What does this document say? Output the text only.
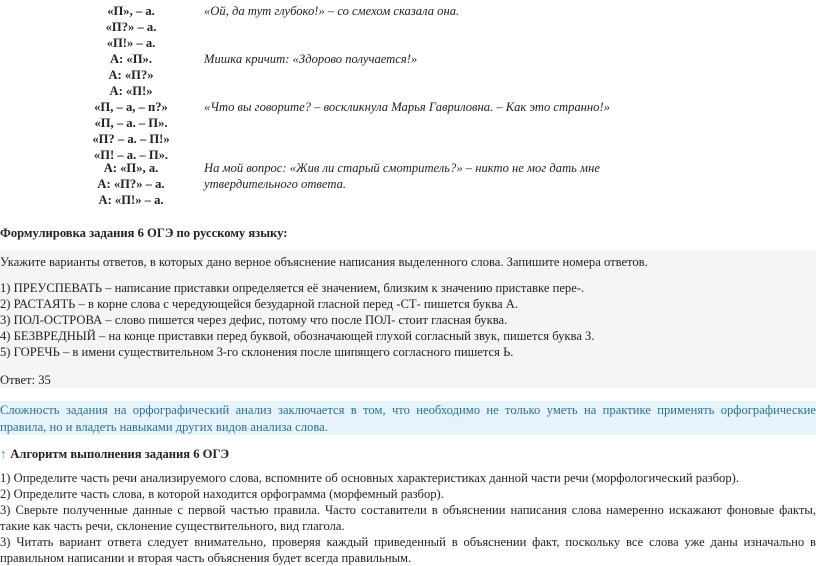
«П», – а.
«П?» – а.
«П!» – а.
«Ой, да тут глубоко!» – со смехом сказала она.
А: «П».
А: «П?»
А: «П!»
Мишка кричит: «Здорово получается!»
«П, – а, – п?»
«П, – а. – П».
«П? – а. – П!»
«П! – а. – П».
«Что вы говорите? – воскликнула Марья Гавриловна. – Как это странно!»
А: «П», а.
А: «П?» – а.
А: «П!» – а.
На мой вопрос: «Жив ли старый смотритель?» – никто не мог дать мне
утвердительного ответа.
Формулировка задания 6 ОГЭ по русскому языку:
Укажите варианты ответов, в которых дано верное объяснение написания выделенного слова. Запишите номера ответов.
1) ПРЕУСПЕВАТЬ – написание приставки определяется её значением, близким к значению приставке пере-.
2) РАСТАЯТЬ – в корне слова с чередующейся безударной гласной перед -СТ- пишется буква А.
3) ПОЛ-ОСТРОВА – слово пишется через дефис, потому что после ПОЛ- стоит гласная буква.
4) БЕЗВРЕДНЫЙ – на конце приставки перед буквой, обозначающей глухой согласный звук, пишется буква З.
5) ГОРЕЧЬ – в имени существительном 3-го склонения после шипящего согласного пишется Ь.
Ответ: 35
Сложность задания на орфографический анализ заключается в том, что необходимо не только уметь на практике применять орфографические
правила, но и владеть навыками других видов анализа слова.
↑ Алгоритм выполнения задания 6 ОГЭ
1) Определите часть речи анализируемого слова, вспомните об основных характеристиках данной части речи (морфологический разбор).
2) Определите часть слова, в которой находится орфограмма (морфемный разбор).
3) Сверьте полученные данные с первой частью правила. Часто составители в объяснении написания слова намеренно искажают фоновые факты,
такие как часть речи, склонение существительного, вид глагола.
3) Читать вариант ответа следует внимательно, проверяя каждый приведенный в объяснении факт, поскольку все слова уже даны изначально в
правильном написании и вторая часть объяснения будет всегда правильным.
